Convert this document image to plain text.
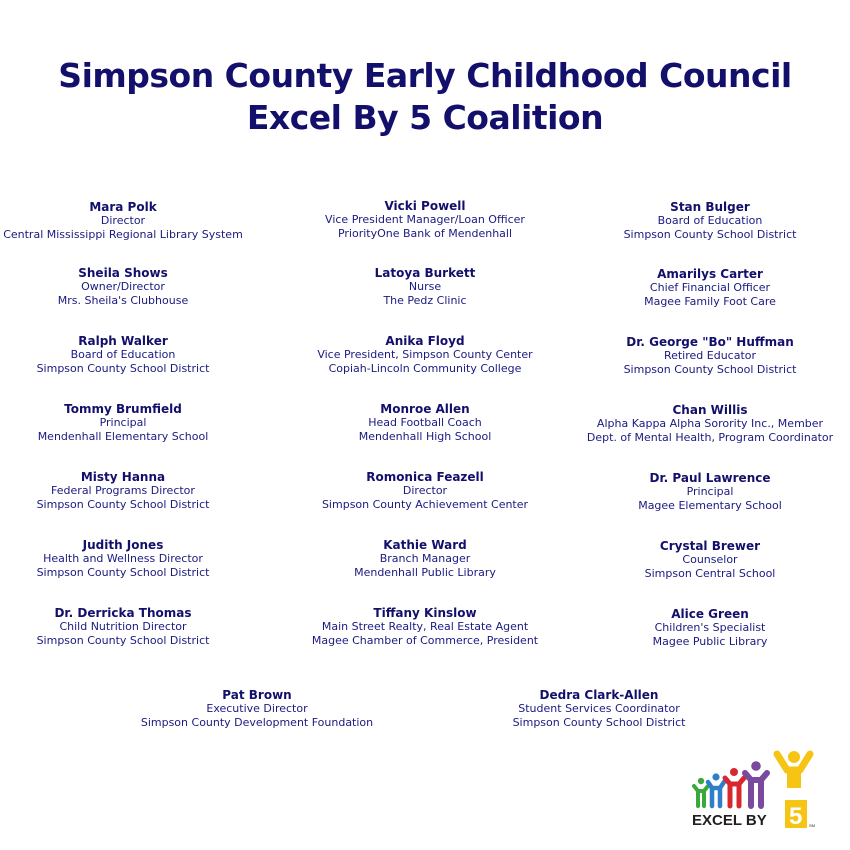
Simpson County Early Childhood Council
Excel By 5 Coalition
Mara Polk
Director
Central Mississippi Regional Library System
Vicki Powell
Vice President Manager/Loan Officer
PriorityOne Bank of Mendenhall
Stan Bulger
Board of Education
Simpson County School District
Sheila Shows
Owner/Director
Mrs. Sheila's Clubhouse
Latoya Burkett
Nurse
The Pedz Clinic
Amarilys Carter
Chief Financial Officer
Magee Family Foot Care
Ralph Walker
Board of Education
Simpson County School District
Anika Floyd
Vice President, Simpson County Center
Copiah-Lincoln Community College
Dr. George "Bo" Huffman
Retired Educator
Simpson County School District
Tommy Brumfield
Principal
Mendenhall Elementary School
Monroe Allen
Head Football Coach
Mendenhall High School
Chan Willis
Alpha Kappa Alpha Sorority Inc., Member
Dept. of Mental Health, Program Coordinator
Misty Hanna
Federal Programs Director
Simpson County School District
Romonica Feazell
Director
Simpson County Achievement Center
Dr. Paul Lawrence
Principal
Magee Elementary School
Judith Jones
Health and Wellness Director
Simpson County School District
Kathie Ward
Branch Manager
Mendenhall Public Library
Crystal Brewer
Counselor
Simpson Central School
Dr. Derricka Thomas
Child Nutrition Director
Simpson County School District
Tiffany Kinslow
Main Street Realty, Real Estate Agent
Magee Chamber of Commerce, President
Alice Green
Children's Specialist
Magee Public Library
Pat Brown
Executive Director
Simpson County Development Foundation
Dedra Clark-Allen
Student Services Coordinator
Simpson County School District
EXCEL BY 5 SM
